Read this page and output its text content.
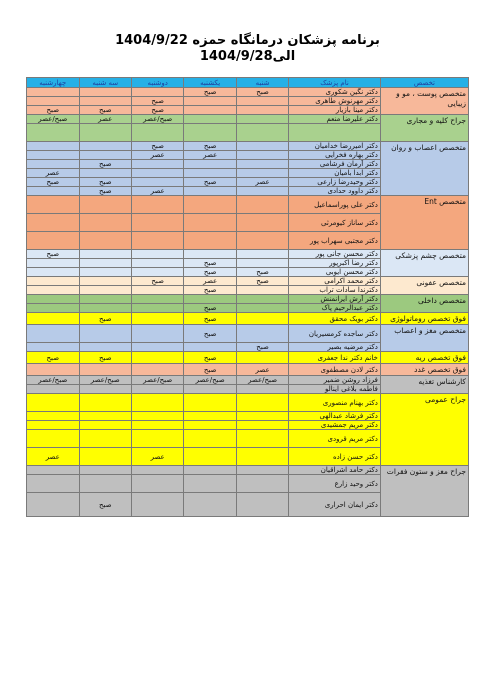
برنامه پزشکان درمانگاه حمزه 1404/9/22
الی1404/9/28
تخصص	نام پزشک	شنبه	یکشنبه	دوشنبه	سه شنبه	چهارشنبه
متخصص پوست ، مو و زیبایی	دکتر نگین شکوری	صبح	صبح			
	دکتر مهرنوش طاهری			صبح		
	دکتر مینا بازیار			صبح	صبح	صبح
جراح کلیه و مجاری	دکتر علیرضا منعم			صبح/عصر	عصر	صبح/عصر

متخصص اعصاب و روان	دکتر امیررضا خدامیان		صبح	صبح		
	دکتر بهاره فخرایی		عصر	عصر		
	دکتر آرمان فرشامی				صبح	
	دکتر ابدا بامیان					عصر
	دکتر وحیدرضا زارعی	عصر	صبح		صبح	صبح
	دکتر داوود حدادی			عصر	صبح	
متخصص Ent	دکتر علی پوراسماعیل					
	دکتر ساناز کیومرثی					
	دکتر مجتبی سهراب پور					
متخصص چشم پزشکی	دکتر محسن جانی پور					صبح
	دکتر رضا اکبرپور		صبح			
	دکتر محسن ایوبی	صبح	صبح			
متخصص عفونی	دکتر محمد اکرامی	صبح	عصر	صبح		
	دکترندا سادات تراب		صبح			
متخصص داخلی	دکتر آرش ایرانمنش					
	دکتر عبدالرحیم پاک		صبح			
فوق تخصص روماتولوژی	دکتر بویک محقق		صبح		صبح	
متخصص مغز و اعصاب	دکتر ساجده کرمسیریان		صبح			
	دکتر مرضیه بصیر	صبح				
فوق تخصص ریه	خانم دکتر ندا جعفری		صبح		صبح	صبح
فوق تخصص غدد	دکتر لادن مصطفوی	عصر	صبح			
کارشناس تغذیه	فرزاد روشن ضمیر	صبح/عصر	صبح/عصر	صبح/عصر	صبح/عصر	صبح/عصر
	فاطمه بلاغی اینالو					
جراح عمومی	دکتر بهنام منصوری					
	دکتر فرشاد عبدالهی					
	دکتر مریم جمشیدی					
	دکتر مریم قرودی					
	دکتر حسن زاده			عصر		عصر
جراح مغز و ستون فقرات	دکتر حامد اشراقیان					
	دکتر وحید زارع					
	دکتر ایمان احراری				صبح	
